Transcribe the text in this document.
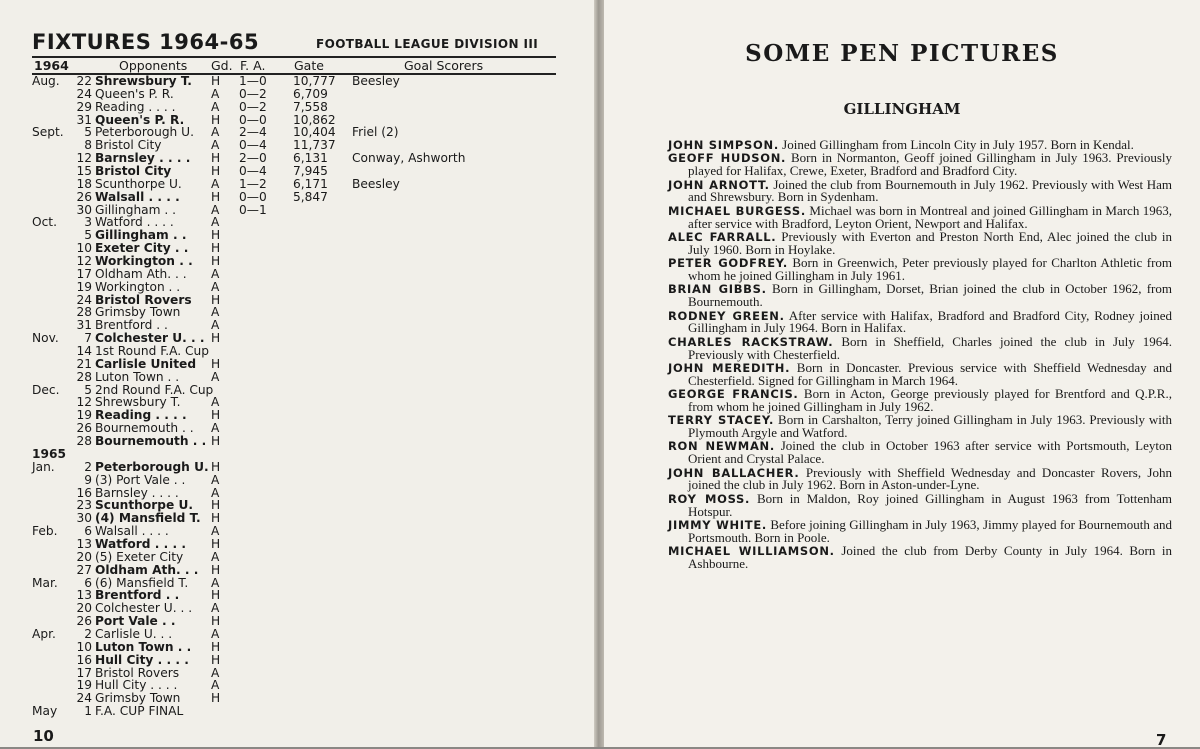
FIXTURES 1964-65	FOOTBALL LEAGUE DIVISION III
1964	Opponents Gd. F. A. Gate	Goal Scorers
Aug.	22 Shrewsbury T. H 1—0 10,777 Beesley
24 Queen's P. R.	A 0—2 6,709
29 Reading . . . .	A 0—2 7,558
31 Queen's P. R. H 0—0 10,862
Sept.	5 Peterborough U. A 2—4 10,404 Friel (2)
8 Bristol City	A 0—4 11,737
12 Barnsley . . . . H 2—0 6,131 Conway, Ashworth
15 Bristol City	H 0—4 7,945
18 Scunthorpe U. A 1—2 6,171 Beesley
26 Walsall . . . .	H 0—0 5,847
30 Gillingham . .	A 0—1
Oct.	3 Watford . . . .	A
5 Gillingham . . H
10 Exeter City . . H
12 Workington . . H
17 Oldham Ath. . . A
19 Workington . .	A
24 Bristol Rovers H
28 Grimsby Town	A
31 Brentford . .	A
Nov.	7 Colchester U. . . H
14 1st Round F.A. Cup
21 Carlisle United H
28 Luton Town . .	A
Dec.	5 2nd Round F.A. Cup
12 Shrewsbury T.	A
19 Reading . . . . H
26 Bournemouth . . A
28 Bournemouth . . H
1965
Jan.	2 Peterborough U. H
9 (3) Port Vale . . A
16 Barnsley . . . .	A
23 Scunthorpe U. H
30 (4) Mansfield T. H
Feb.	6 Walsall . . . .	A
13 Watford . . . . H
20 (5) Exeter City A
27 Oldham Ath. . . H
Mar.	6 (6) Mansfield T. A
13 Brentford . .	H
20 Colchester U. . . A
26 Port Vale . .	H
Apr.	2 Carlisle U. . .	A
10 Luton Town . . H
16 Hull City . . . . H
17 Bristol Rovers	A
19 Hull City . . . .	A
24 Grimsby Town	H
May	1 F.A. CUP FINAL
10
SOME PEN PICTURES
GILLINGHAM

JOHN SIMPSON. Joined Gillingham from Lincoln City in July 1957. Born in Kendal.

GEOFF HUDSON. Born in Normanton, Geoff joined Gillingham in July 1963. Previously played for Halifax, Crewe, Exeter, Bradford and Bradford City.

JOHN ARNOTT. Joined the club from Bournemouth in July 1962. Previously with West Ham and Shrewsbury. Born in Sydenham.

MICHAEL BURGESS. Michael was born in Montreal and joined Gillingham in March 1963, after service with Bradford, Leyton Orient, Newport and Halifax.

ALEC FARRALL. Previously with Everton and Preston North End, Alec joined the club in July 1960. Born in Hoylake.

PETER GODFREY. Born in Greenwich, Peter previously played for Charlton Athletic from whom he joined Gillingham in July 1961.

BRIAN GIBBS. Born in Gillingham, Dorset, Brian joined the club in October 1962, from Bournemouth.

RODNEY GREEN. After service with Halifax, Bradford and Bradford City, Rodney joined Gillingham in July 1964. Born in Halifax.

CHARLES RACKSTRAW. Born in Sheffield, Charles joined the club in July 1964. Previously with Chesterfield.

JOHN MEREDITH. Born in Doncaster. Previous service with Sheffield Wednesday and Chesterfield. Signed for Gillingham in March 1964.

GEORGE FRANCIS. Born in Acton, George previously played for Brentford and Q.P.R., from whom he joined Gillingham in July 1962.

TERRY STACEY. Born in Carshalton, Terry joined Gillingham in July 1963. Previously with Plymouth Argyle and Watford.

RON NEWMAN. Joined the club in October 1963 after service with Portsmouth, Leyton Orient and Crystal Palace.

JOHN BALLACHER. Previously with Sheffield Wednesday and Doncaster Rovers, John joined the club in July 1962. Born in Aston-under-Lyne.

ROY MOSS. Born in Maldon, Roy joined Gillingham in August 1963 from Tottenham Hotspur.

JIMMY WHITE. Before joining Gillingham in July 1963, Jimmy played for Bournemouth and Portsmouth. Born in Poole.

MICHAEL WILLIAMSON. Joined the club from Derby County in July 1964. Born in Ashbourne.

7
